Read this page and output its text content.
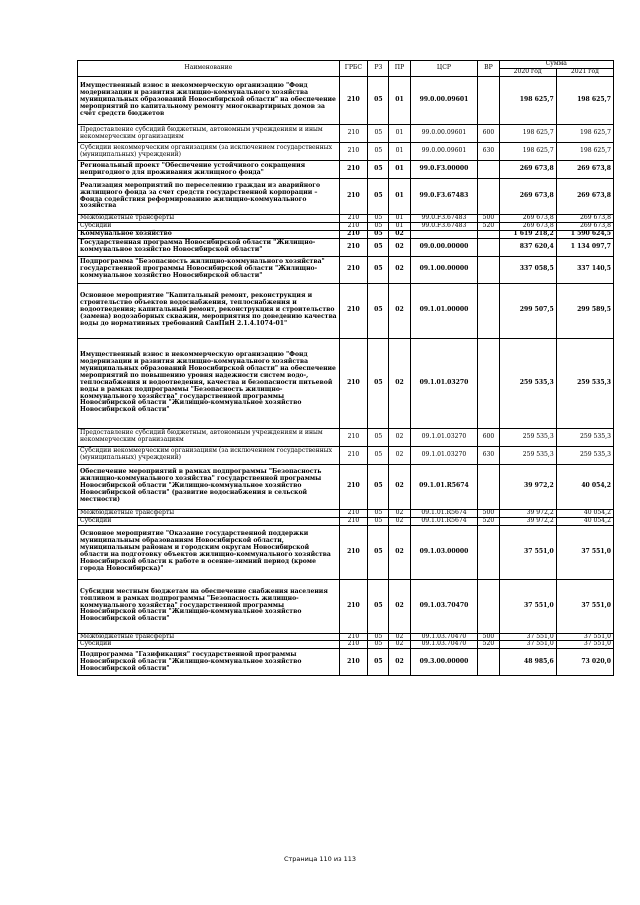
Наименование	ГРБС	РЗ	ПР	ЦСР	ВР	Сумма	
						2020 год	2021 год
Имущественный взнос в некоммерческую организацию "Фонд модернизации и развития жилищно-коммунального хозяйства муниципальных образований Новосибирской области" на обеспечение мероприятий по капитальному ремонту многоквартирных домов за счёт средств бюджетов	210	05	01	99.0.00.09601		198 625,7	198 625,7
Предоставление субсидий бюджетным, автономным учреждениям и иным некоммерческим организациям	210	05	01	99.0.00.09601	600	198 625,7	198 625,7
Субсидии некоммерческим организациям (за исключением государственных (муниципальных) учреждений)	210	05	01	99.0.00.09601	630	198 625,7	198 625,7
Региональный проект "Обеспечение устойчивого сокращения непригодного для проживания жилищного фонда"	210	05	01	99.0.F3.00000		269 673,8	269 673,8
Реализация мероприятий по переселению граждан из аварийного жилищного фонда за счет средств государственной корпорации –Фонда содействия реформированию жилищно-коммунального хозяйства	210	05	01	99.0.F3.67483		269 673,8	269 673,8
Межбюджетные трансферты	210	05	01	99.0.F3.67483	500	269 673,8	269 673,8
Субсидии	210	05	01	99.0.F3.67483	520	269 673,8	269 673,8
Коммунальное хозяйство	210	05	02			1 619 218,2	1 590 624,5
Государственная программа Новосибирской области "Жилищно-коммунальное хозяйство Новосибирской области"	210	05	02	09.0.00.00000		837 620,4	1 134 097,7
Подпрограмма "Безопасность жилищно-коммунального хозяйства" государственной программы Новосибирской области "Жилищно-коммунальное хозяйство Новосибирской области"	210	05	02	09.1.00.00000		337 058,5	337 140,5
Основное мероприятие "Капитальный ремонт, реконструкция и строительство объектов водоснабжения, теплоснабжения и водоотведения; капитальный ремонт, реконструкция и строительство (замена) водозаборных скважин, мероприятия по доведению качества воды до нормативных требований СанПиН 2.1.4.1074-01"	210	05	02	09.1.01.00000		299 507,5	299 589,5
Имущественный взнос в некоммерческую организацию "Фонд модернизации и развития жилищно-коммунального хозяйства муниципальных образований Новосибирской области" на обеспечение мероприятий по повышению уровня надежности систем водо-, теплоснабжения и водоотведения, качества и безопасности питьевой воды в рамках подпрограммы "Безопасность жилищно-коммунального хозяйства" государственной программы Новосибирской области "Жилищно-коммунальное хозяйство Новосибирской области"	210	05	02	09.1.01.03270		259 535,3	259 535,3
Предоставление субсидий бюджетным, автономным учреждениям и иным некоммерческим организациям	210	05	02	09.1.01.03270	600	259 535,3	259 535,3
Субсидии некоммерческим организациям (за исключением государственных (муниципальных) учреждений)	210	05	02	09.1.01.03270	630	259 535,3	259 535,3
Обеспечение мероприятий в рамках подпрограммы "Безопасность жилищно-коммунального хозяйства" государственной программы Новосибирской области "Жилищно-коммунальное хозяйство Новосибирской области" (развитие водоснабжения в сельской местности)	210	05	02	09.1.01.R5674		39 972,2	40 054,2
Межбюджетные трансферты	210	05	02	09.1.01.R5674	500	39 972,2	40 054,2
Субсидии	210	05	02	09.1.01.R5674	520	39 972,2	40 054,2
Основное мероприятие "Оказание государственной поддержки муниципальным образованиям Новосибирской области, муниципальным районам и городским округам Новосибирской области на подготовку объектов жилищно-коммунального хозяйства Новосибирской области к работе в осенне-зимний период (кроме города Новосибирска)"	210	05	02	09.1.03.00000		37 551,0	37 551,0
Субсидии местным бюджетам на обеспечение снабжения населения топливом в рамках подпрограммы "Безопасность жилищно-коммунального хозяйства" государственной программы Новосибирской области "Жилищно-коммунальное хозяйство Новосибирской области"	210	05	02	09.1.03.70470		37 551,0	37 551,0
Межбюджетные трансферты	210	05	02	09.1.03.70470	500	37 551,0	37 551,0
Субсидии	210	05	02	09.1.03.70470	520	37 551,0	37 551,0
Подпрограмма "Газификация" государственной программы Новосибирской области "Жилищно-коммунальное хозяйство Новосибирской области"	210	05	02	09.3.00.00000		48 985,6	73 020,0
Страница 110 из 113
